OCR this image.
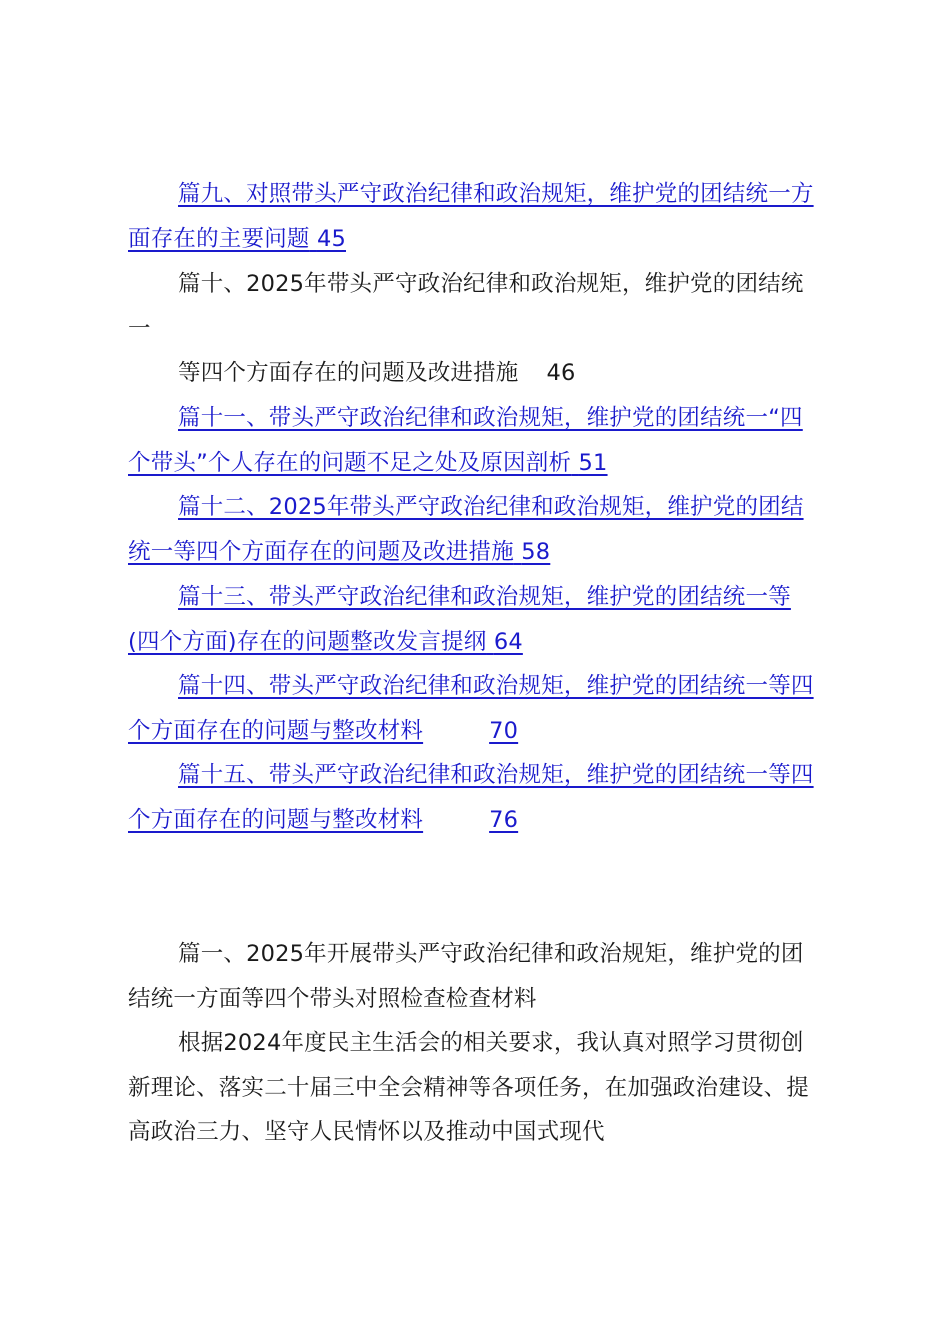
篇九、对照带头严守政治纪律和政治规矩，维护党的团结统一方面存在的主要问题 45

篇十、2025年带头严守政治纪律和政治规矩，维护党的团结统一

等四个方面存在的问题及改进措施 46

篇十一、带头严守政治纪律和政治规矩，维护党的团结统一“四个带头”个人存在的问题不足之处及原因剖析 51

篇十二、2025年带头严守政治纪律和政治规矩，维护党的团结统一等四个方面存在的问题及改进措施 58

篇十三、带头严守政治纪律和政治规矩，维护党的团结统一等(四个方面)存在的问题整改发言提纲 64

篇十四、带头严守政治纪律和政治规矩，维护党的团结统一等四个方面存在的问题与整改材料	70

篇十五、带头严守政治纪律和政治规矩，维护党的团结统一等四个方面存在的问题与整改材料	76

篇一、2025年开展带头严守政治纪律和政治规矩，维护党的团结统一方面等四个带头对照检查检查材料

根据2024年度民主生活会的相关要求，我认真对照学习贯彻创新理论、落实二十届三中全会精神等各项任务，在加强政治建设、提高政治三力、坚守人民情怀以及推动中国式现代
